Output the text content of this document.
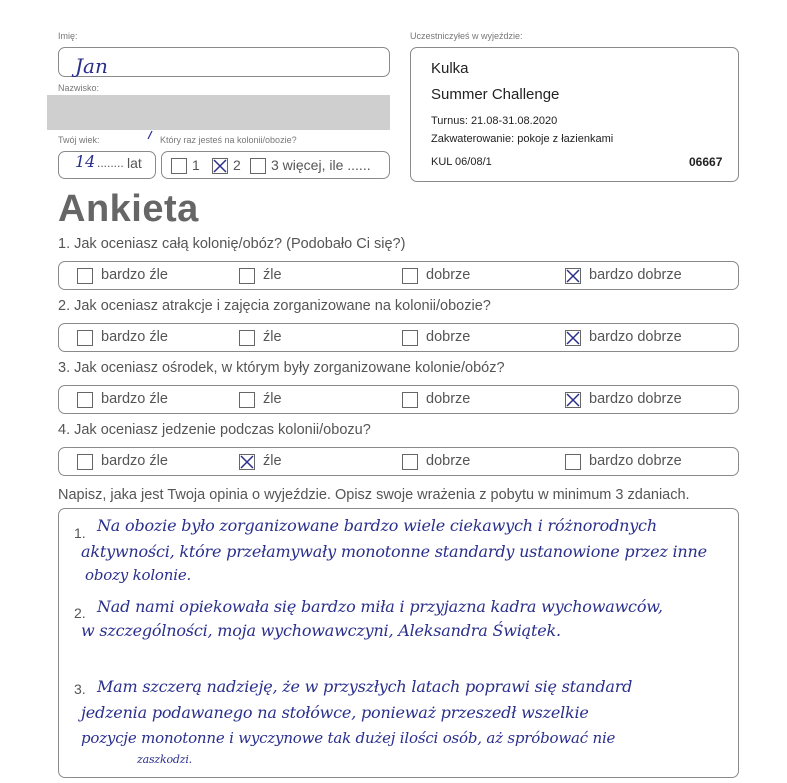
Imię:
Jan
Nazwisko:
Twój wiek:
14 ........ lat
Który raz jesteś na kolonii/obozie?
1 2 3 więcej, ile ......
Uczestniczyłeś w wyjeździe:
Kulka
Summer Challenge
Turnus: 21.08-31.08.2020
Zakwaterowanie: pokoje z łazienkami
KUL 06/08/1	06667
Ankieta
1. Jak oceniasz całą kolonię/obóz? (Podobało Ci się?)
bardzo źle	źle	dobrze	bardzo dobrze
2. Jak oceniasz atrakcje i zajęcia zorganizowane na kolonii/obozie?
bardzo źle	źle	dobrze	bardzo dobrze
3. Jak oceniasz ośrodek, w którym były zorganizowane kolonie/obóz?
bardzo źle	źle	dobrze	bardzo dobrze
4. Jak oceniasz jedzenie podczas kolonii/obozu?
bardzo źle	źle	dobrze	bardzo dobrze
Napisz, jaka jest Twoja opinia o wyjeździe. Opisz swoje wrażenia z pobytu w minimum 3 zdaniach.
1.
2.
3.
Na obozie było zorganizowane bardzo wiele ciekawych i różnorodnych
aktywności, które przełamywały monotonne standardy ustanowione przez inne
obozy kolonie.
Nad nami opiekowała się bardzo miła i przyjazna kadra wychowawców,
w szczególności, moja wychowawczyni, Aleksandra Świątek.
Mam szczerą nadzieję, że w przyszłych latach poprawi się standard
jedzenia podawanego na stołówce, ponieważ przeszedł wszelkie
pozycje monotonne i wyczynowe tak dużej ilości osób, aż spróbować nie
zaszkodzi.
